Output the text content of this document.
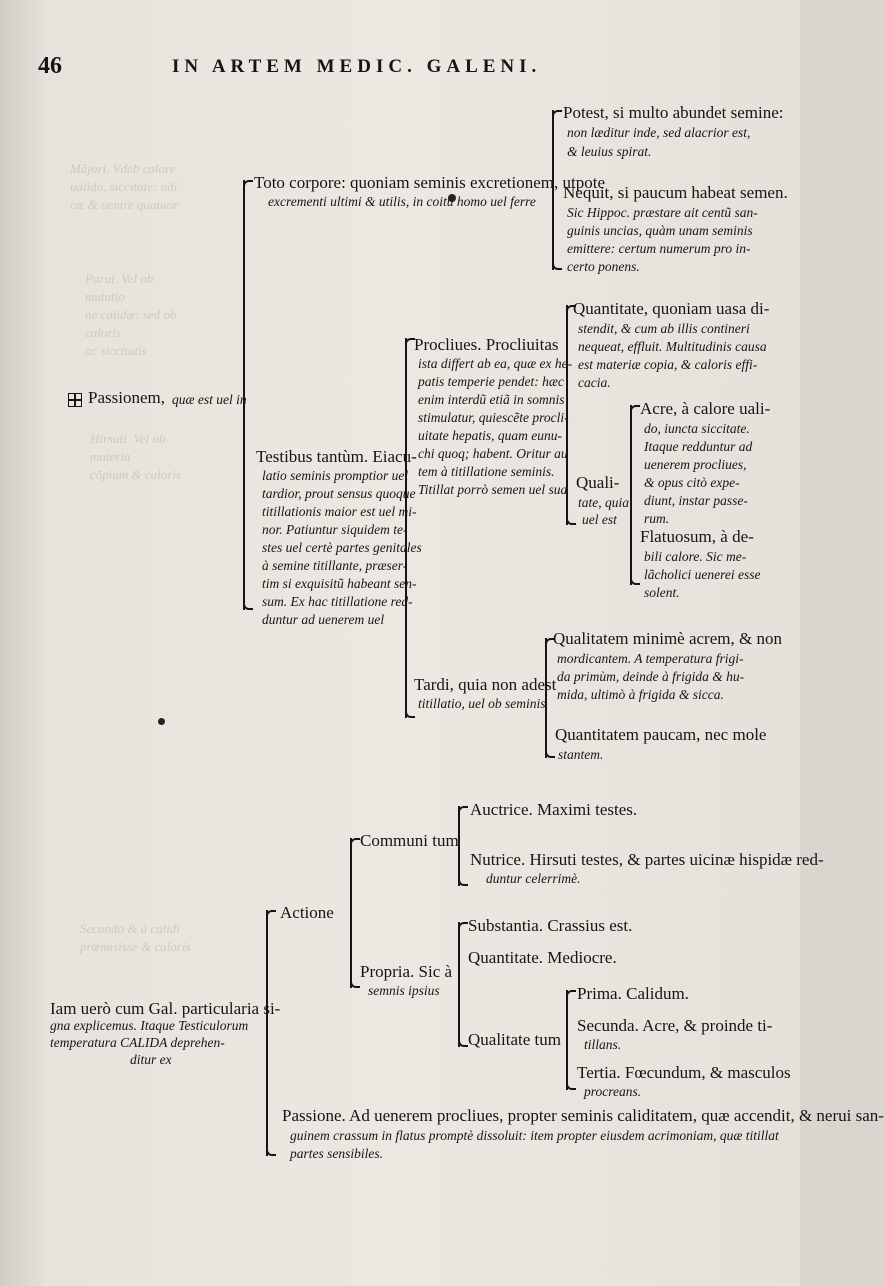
Mâjori. Vdeb calore
ualido, siccitate: adi
cæ & uentre quatuor
Parui. Vel ob mutatio
ne calidæ: sed ob caloris
ac siccitatis
Hirsuti. Vel ob materia
cõpiam & caloris
Secundo & à calidi
præmisisse & caloris
46	IN ARTEM MEDIC. GALENI.
Iam uerò cum Gal. particularia si-
gna explicemus. Itaque Testiculorum
temperatura CALIDA deprehen-
ditur ex
Passionem, quæ est uel in
Toto corpore: quoniam seminis excretionem, utpote
excrementi ultimi & utilis, in coitu homo uel ferre
Potest, si multo abundet semine:
non læditur inde, sed alacrior est,
& leuius spirat.
Nequit, si paucum habeat semen.
Sic Hippoc. præstare ait centũ san-
guinis uncias, quàm unam seminis
emittere: certum numerum pro in-
certo ponens.
Testibus tantùm. Eiacu-
latio seminis promptior uel
tardior, prout sensus quoque
titillationis maior est uel mi-
nor. Patiuntur siquidem te-
stes uel certè partes genitales
à semine titillante, præser-
tim si exquisitũ habeant sen-
sum. Ex hac titillatione red-
duntur ad uenerem uel
Procliues. Procliuitas
ista differt ab ea, quæ ex he-
patis temperie pendet: hæc
enim interdũ etiã in somnis
stimulatur, quiescẽte procli-
uitate hepatis, quam eunu-
chi quoq; habent. Oritur au
tem à titillatione seminis.
Titillat porrò semen uel sua
Quantitate, quoniam uasa di-
stendit, & cum ab illis contineri
nequeat, effluit. Multitudinis causa
est materiæ copia, & caloris effi-
cacia.
Quali-
tate, quia
uel est
Acre, à calore uali-
do, iuncta siccitate.
Itaque redduntur ad
uenerem procliues,
& opus citò expe-
diunt, instar passe-
rum.
Flatuosum, à de-
bili calore. Sic me-
lãcholici uenerei esse
solent.
Tardi, quia non adest
titillatio, uel ob seminis
Qualitatem minimè acrem, & non
mordicantem. A temperatura frigi-
da primùm, deinde à frigida & hu-
mida, ultimò à frigida & sicca.
Quantitatem paucam, nec mole
stantem.
Actione
Communi tum
Auctrice. Maximi testes.
Nutrice. Hirsuti testes, & partes uicinæ hispidæ red-
duntur celerrimè.
Propria. Sic à
semnis ipsius
Substantia. Crassius est.
Quantitate. Mediocre.
Qualitate tum
Prima. Calidum.
Secunda. Acre, & proinde ti-
tillans.
Tertia. Fœcundum, & masculos
procreans.
Passione. Ad uenerem procliues, propter seminis caliditatem, quæ accendit, & nerui san-
guinem crassum in flatus promptè dissoluit: item propter eiusdem acrimoniam, quæ titillat
partes sensibiles.
